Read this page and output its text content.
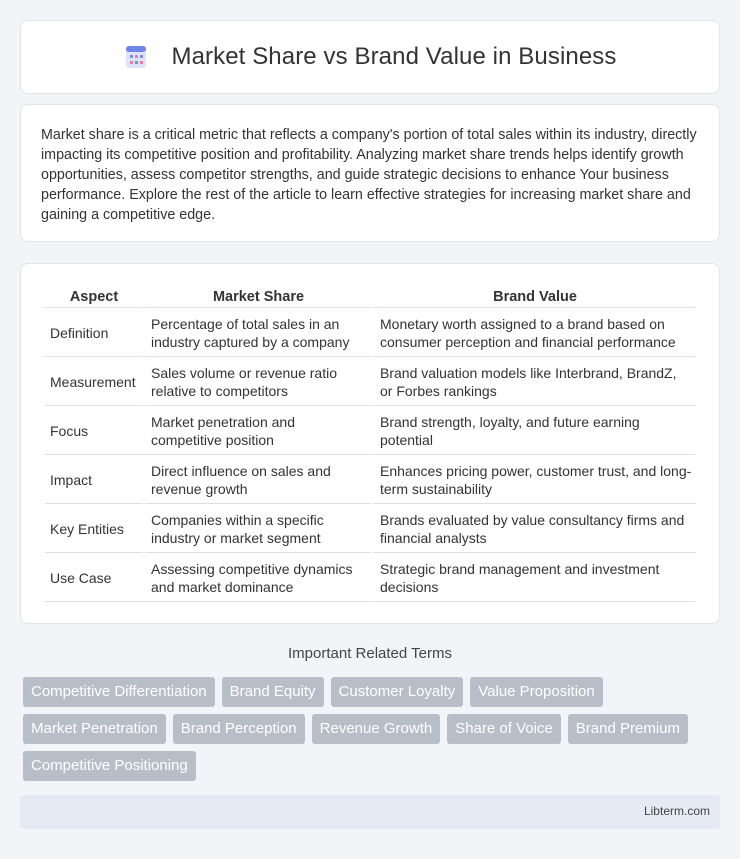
Market Share vs Brand Value in Business

Market share is a critical metric that reflects a company's portion of total sales within its industry, directly impacting its competitive position and profitability. Analyzing market share trends helps identify growth opportunities, assess competitor strengths, and guide strategic decisions to enhance Your business performance. Explore the rest of the article to learn effective strategies for increasing market share and gaining a competitive edge.

Aspect	Market Share	Brand Value
Definition	Percentage of total sales in an industry captured by a company	Monetary worth assigned to a brand based on consumer perception and financial performance
Measurement	Sales volume or revenue ratio relative to competitors	Brand valuation models like Interbrand, BrandZ, or Forbes rankings
Focus	Market penetration and competitive position	Brand strength, loyalty, and future earning potential
Impact	Direct influence on sales and revenue growth	Enhances pricing power, customer trust, and long-term sustainability
Key Entities	Companies within a specific industry or market segment	Brands evaluated by value consultancy firms and financial analysts
Use Case	Assessing competitive dynamics and market dominance	Strategic brand management and investment decisions
Important Related Terms
Competitive Differentiation	Brand Equity	Customer Loyalty	Value Proposition
Market Penetration	Brand Perception	Revenue Growth	Share of Voice	Brand Premium
Competitive Positioning
Libterm.com
